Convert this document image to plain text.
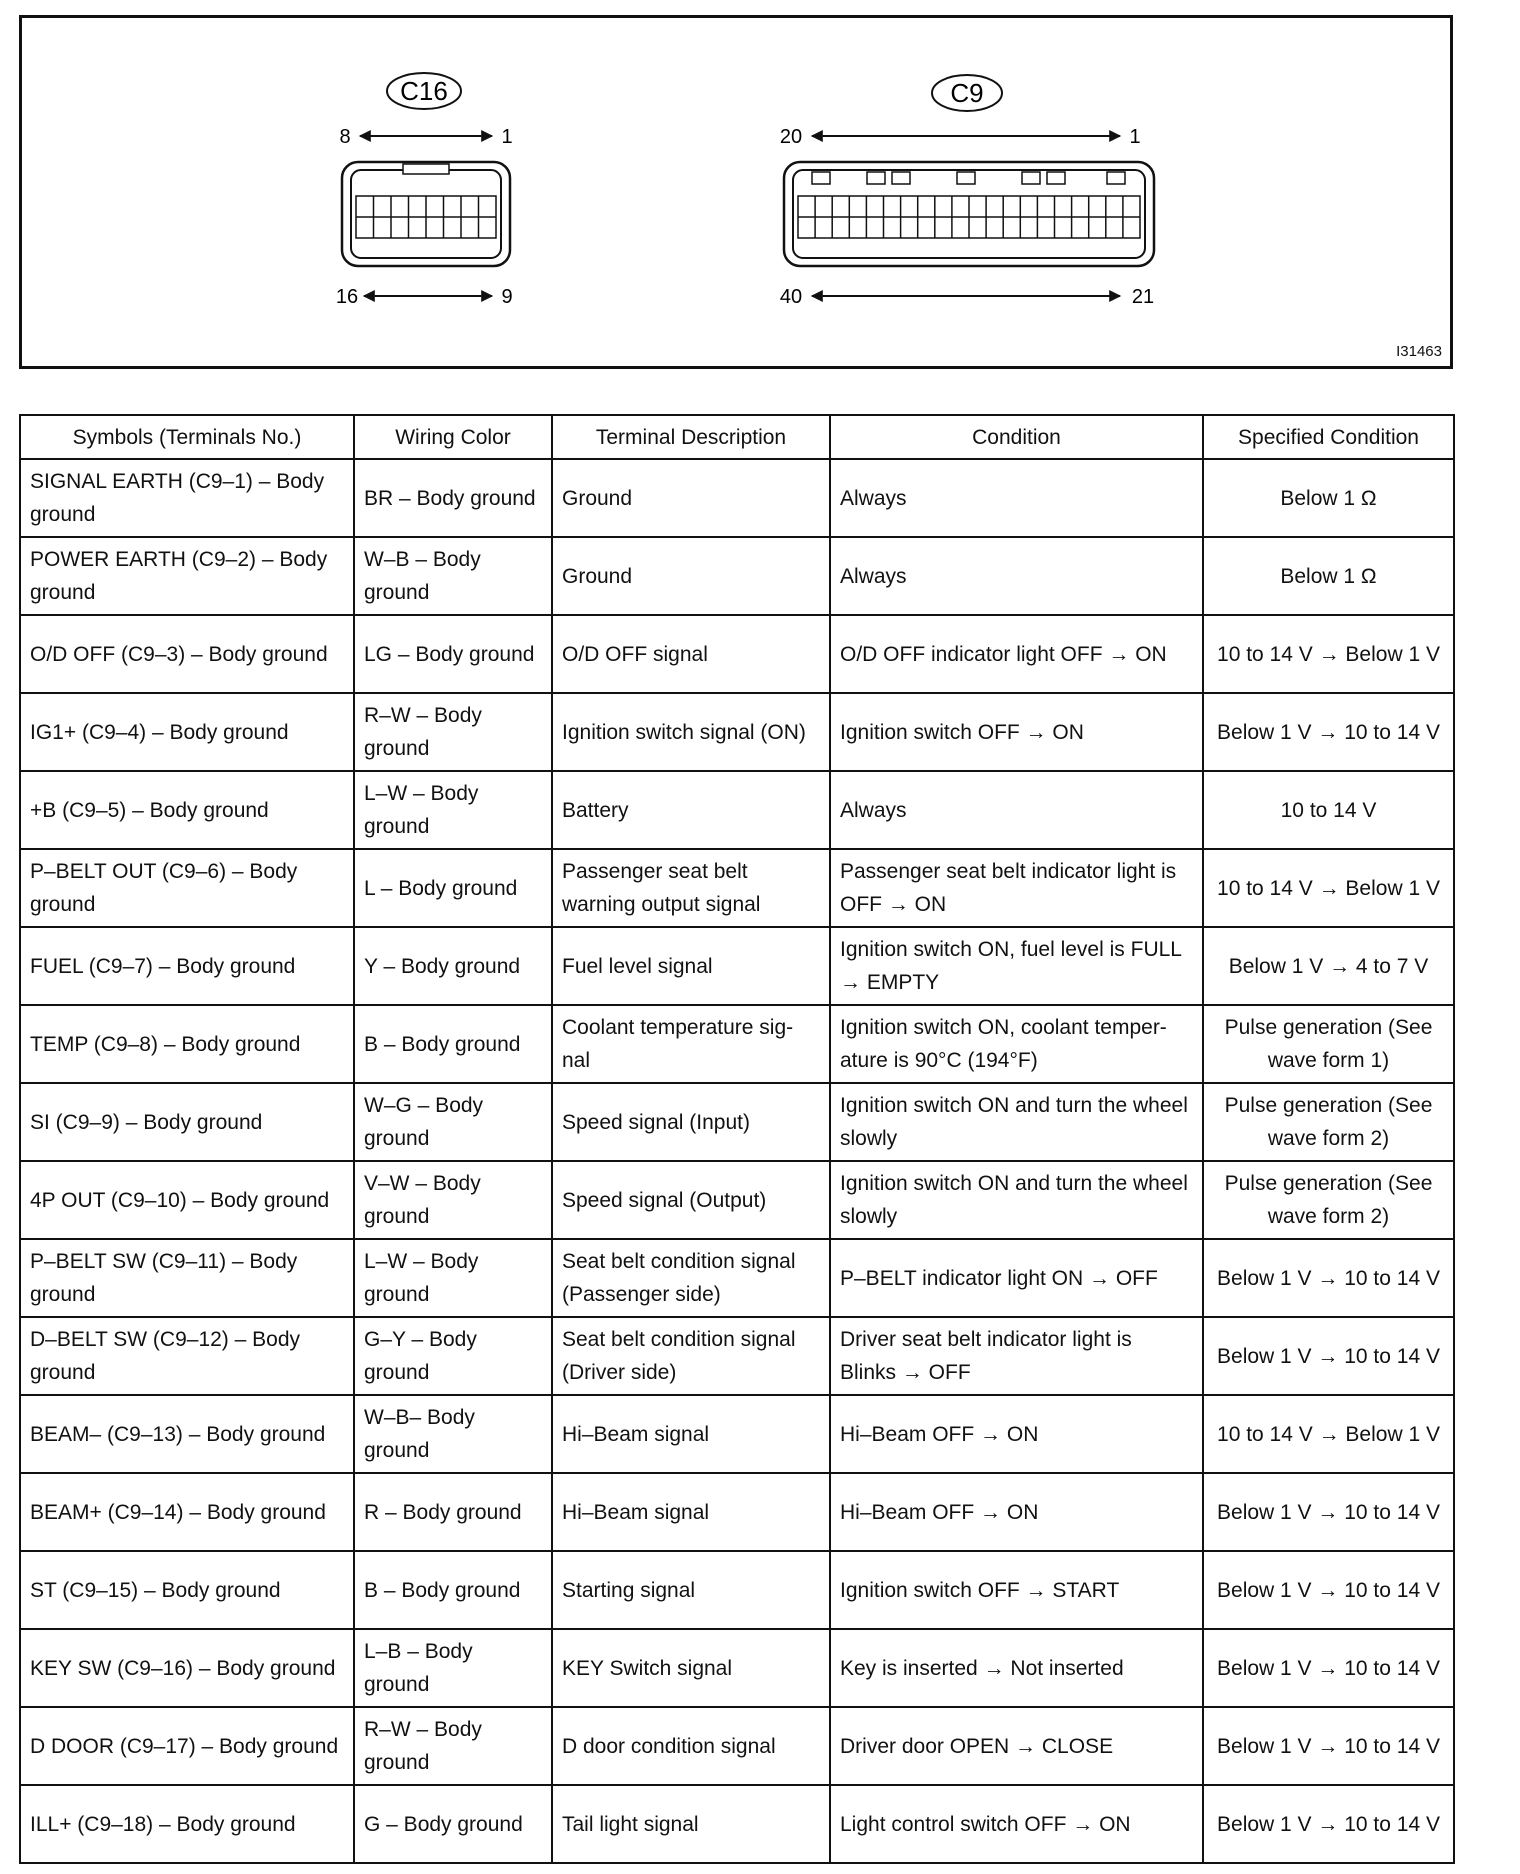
C16
8	1
16	9
C9
20	1
40	21
I31463
Symbols (Terminals No.)	Wiring Color	Terminal Description	Condition	Specified Condition
SIGNAL EARTH (C9–1) – Body ground	BR – Body ground	Ground	Always	Below 1 Ω
POWER EARTH (C9–2) – Body ground	W–B – Body ground	Ground	Always	Below 1 Ω
O/D OFF (C9–3) – Body ground	LG – Body ground	O/D OFF signal	O/D OFF indicator light OFF → ON	10 to 14 V → Below 1 V
IG1+ (C9–4) – Body ground	R–W – Body ground	Ignition switch signal (ON)	Ignition switch OFF → ON	Below 1 V → 10 to 14 V
+B (C9–5) – Body ground	L–W – Body ground	Battery	Always	10 to 14 V
P–BELT OUT (C9–6) – Body ground	L – Body ground	Passenger seat belt warning output signal	Passenger seat belt indicator light is OFF → ON	10 to 14 V → Below 1 V
FUEL (C9–7) – Body ground	Y – Body ground	Fuel level signal	Ignition switch ON, fuel level is FULL → EMPTY	Below 1 V → 4 to 7 V
TEMP (C9–8) – Body ground	B – Body ground	Coolant temperature sig-nal	Ignition switch ON, coolant temper-ature is 90°C (194°F)	Pulse generation (See wave form 1)
SI (C9–9) – Body ground	W–G – Body ground	Speed signal (Input)	Ignition switch ON and turn the wheel slowly	Pulse generation (See wave form 2)
4P OUT (C9–10) – Body ground	V–W – Body ground	Speed signal (Output)	Ignition switch ON and turn the wheel slowly	Pulse generation (See wave form 2)
P–BELT SW (C9–11) – Body ground	L–W – Body ground	Seat belt condition signal (Passenger side)	P–BELT indicator light ON → OFF	Below 1 V → 10 to 14 V
D–BELT SW (C9–12) – Body ground	G–Y – Body ground	Seat belt condition signal (Driver side)	Driver seat belt indicator light is Blinks → OFF	Below 1 V → 10 to 14 V
BEAM– (C9–13) – Body ground	W–B– Body ground	Hi–Beam signal	Hi–Beam OFF → ON	10 to 14 V → Below 1 V
BEAM+ (C9–14) – Body ground	R – Body ground	Hi–Beam signal	Hi–Beam OFF → ON	Below 1 V → 10 to 14 V
ST (C9–15) – Body ground	B – Body ground	Starting signal	Ignition switch OFF → START	Below 1 V → 10 to 14 V
KEY SW (C9–16) – Body ground	L–B – Body ground	KEY Switch signal	Key is inserted → Not inserted	Below 1 V → 10 to 14 V
D DOOR (C9–17) – Body ground	R–W – Body ground	D door condition signal	Driver door OPEN → CLOSE	Below 1 V → 10 to 14 V
ILL+ (C9–18) – Body ground	G – Body ground	Tail light signal	Light control switch OFF → ON	Below 1 V → 10 to 14 V
